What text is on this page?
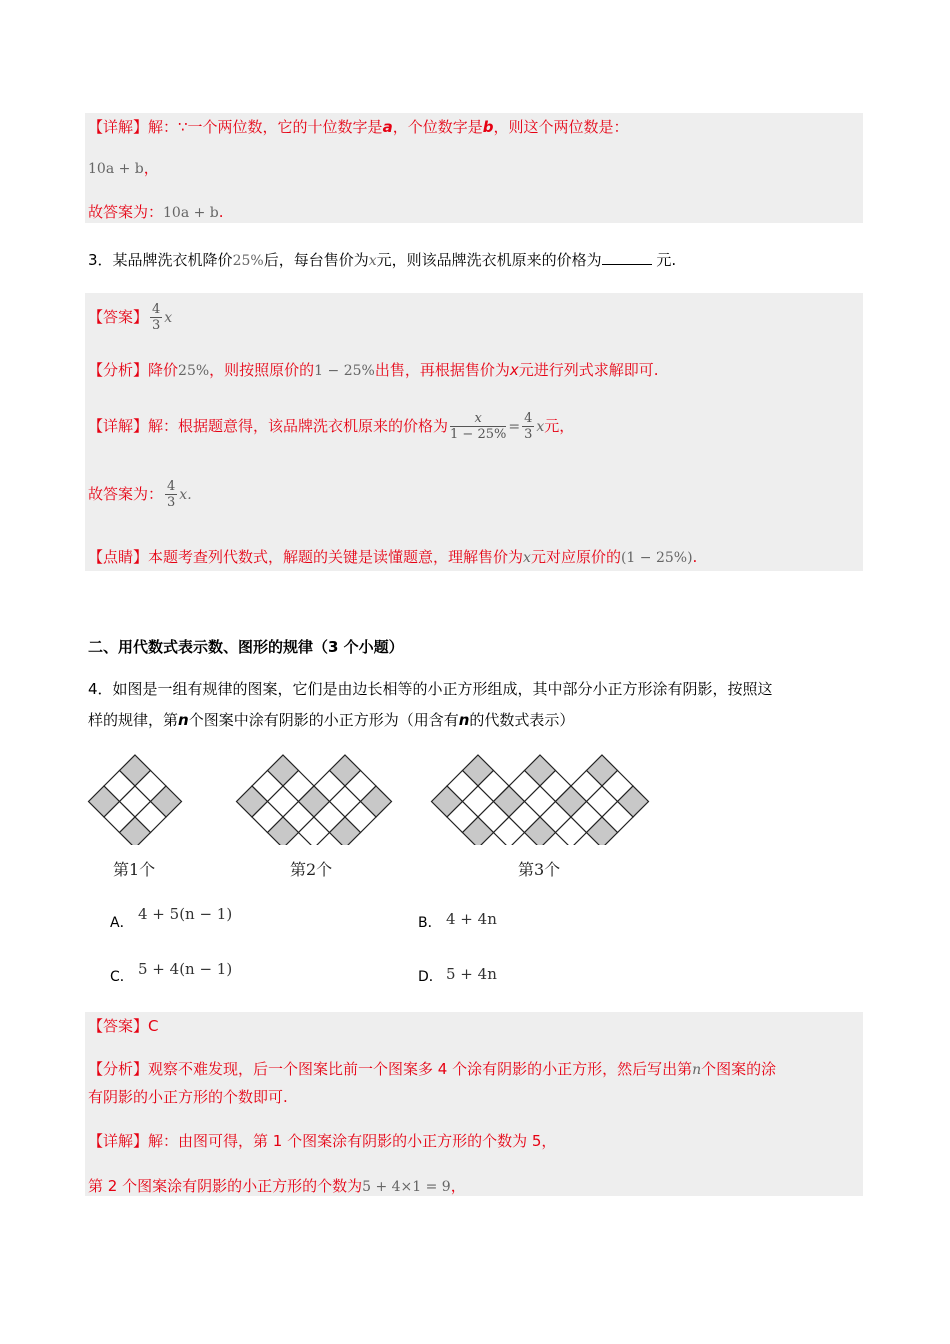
【详解】解：∵一个两位数，它的十位数字是a，个位数字是b，则这个两位数是：
10a + b，
故答案为：10a + b.
3．某品牌洗衣机降价25%后，每台售价为x元，则该品牌洗衣机原来的价格为	元.
【答案】 $\frac{4}{3}$ x
【分析】降价25%，则按照原价的1 − 25%出售，再根据售价为x元进行列式求解即可.
【详解】解：根据题意得，该品牌洗衣机原来的价格为 $\frac{x}{1 - 25\%} = \frac{4}{3}$ x元，
故答案为： $\frac{4}{3} x$.
【点睛】本题考查列代数式，解题的关键是读懂题意，理解售价为x元对应原价的(1 − 25%).
二、用代数式表示数、图形的规律（3 个小题）
4．如图是一组有规律的图案，它们是由边长相等的小正方形组成，其中部分小正方形涂有阴影，按照这
样的规律，第n个图案中涂有阴影的小正方形为（用含有n的代数式表示）
第1个	第2个	第3个
A． 4 + 5(n − 1)	B． 4 + 4n
C． 5 + 4(n − 1)	D． 5 + 4n
【答案】C
【分析】观察不难发现，后一个图案比前一个图案多 4 个涂有阴影的小正方形，然后写出第n个图案的涂
有阴影的小正方形的个数即可.
【详解】解：由图可得，第 1 个图案涂有阴影的小正方形的个数为 5，
第 2 个图案涂有阴影的小正方形的个数为5 + 4×1 = 9，
